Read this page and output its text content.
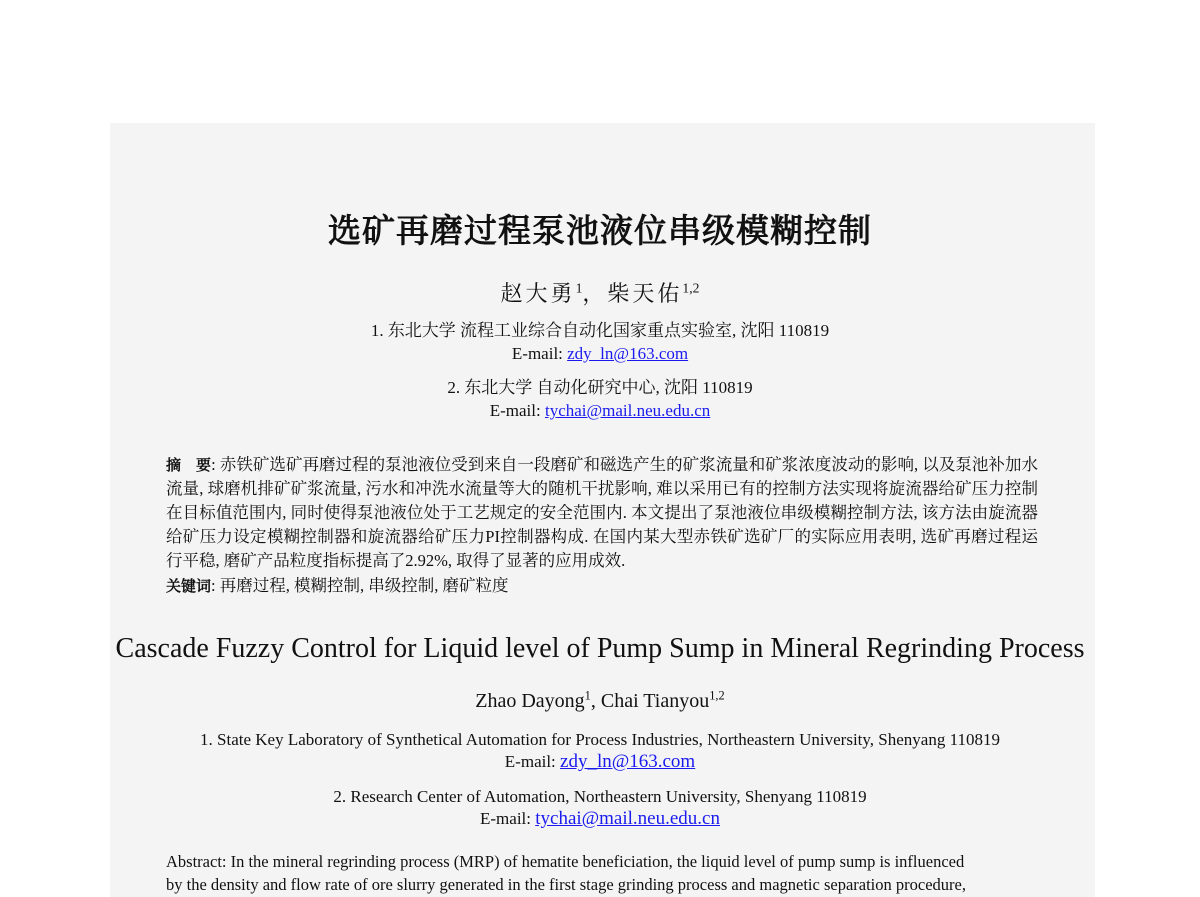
选矿再磨过程泵池液位串级模糊控制
赵大勇$^1$，柴天佑$^{1,2}$
1. 东北大学 流程工业综合自动化国家重点实验室, 沈阳 110819
E-mail: zdy_ln@163.com
2. 东北大学 自动化研究中心, 沈阳 110819
E-mail: tychai@mail.neu.edu.cn

摘　要: 赤铁矿选矿再磨过程的泵池液位受到来自一段磨矿和磁选产生的矿浆流量和矿浆浓度波动的影响, 以及泵池补加水流量, 球磨机排矿矿浆流量, 污水和冲洗水流量等大的随机干扰影响, 难以采用已有的控制方法实现将旋流器给矿压力控制在目标值范围内, 同时使得泵池液位处于工艺规定的安全范围内. 本文提出了泵池液位串级模糊控制方法, 该方法由旋流器给矿压力设定模糊控制器和旋流器给矿压力PI控制器构成. 在国内某大型赤铁矿选矿厂的实际应用表明, 选矿再磨过程运行平稳, 磨矿产品粒度指标提高了2.92%, 取得了显著的应用成效.

关键词: 再磨过程, 模糊控制, 串级控制, 磨矿粒度

Cascade Fuzzy Control for Liquid level of Pump Sump in Mineral Regrinding Process
Zhao Dayong$^1$, Chai Tianyou$^{1,2}$
1. State Key Laboratory of Synthetical Automation for Process Industries, Northeastern University, Shenyang 110819
E-mail: zdy_ln@163.com
2. Research Center of Automation, Northeastern University, Shenyang 110819
E-mail: tychai@mail.neu.edu.cn

Abstract: In the mineral regrinding process (MRP) of hematite beneficiation, the liquid level of pump sump is influenced

by the density and flow rate of ore slurry generated in the first stage grinding process and magnetic separation procedure,
